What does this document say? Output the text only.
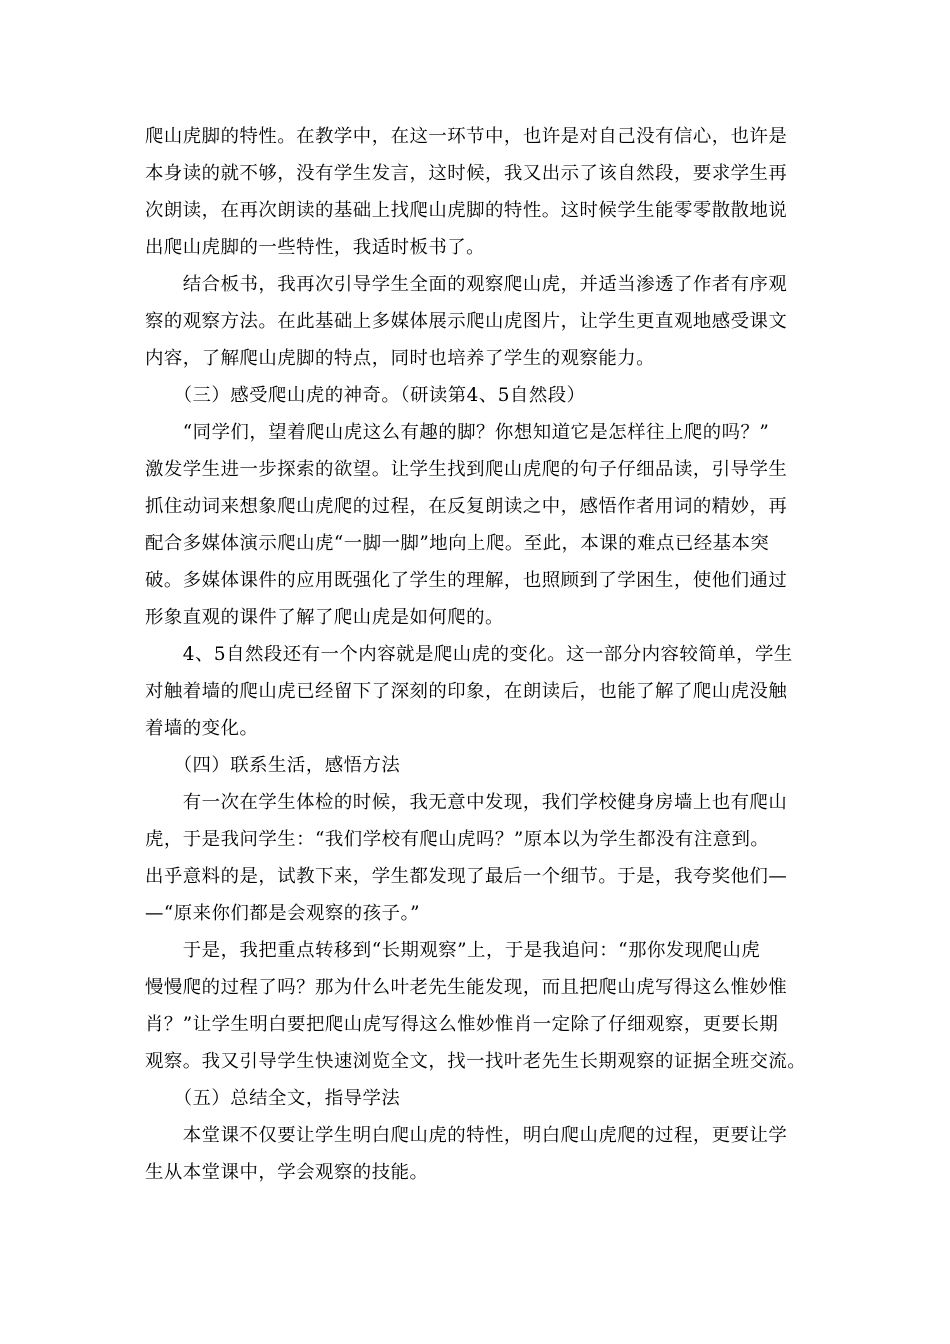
爬山虎脚的特性。在教学中，在这一环节中，也许是对自己没有信心，也许是
本身读的就不够，没有学生发言，这时候，我又出示了该自然段，要求学生再
次朗读，在再次朗读的基础上找爬山虎脚的特性。这时候学生能零零散散地说
出爬山虎脚的一些特性，我适时板书了。
　　结合板书，我再次引导学生全面的观察爬山虎，并适当渗透了作者有序观
察的观察方法。在此基础上多媒体展示爬山虎图片，让学生更直观地感受课文
内容，了解爬山虎脚的特点，同时也培养了学生的观察能力。
　　（三）感受爬山虎的神奇。（研读第4、5自然段）
　　“同学们，望着爬山虎这么有趣的脚？你想知道它是怎样往上爬的吗？”
激发学生进一步探索的欲望。让学生找到爬山虎爬的句子仔细品读，引导学生
抓住动词来想象爬山虎爬的过程，在反复朗读之中，感悟作者用词的精妙，再
配合多媒体演示爬山虎“一脚一脚”地向上爬。至此，本课的难点已经基本突
破。多媒体课件的应用既强化了学生的理解，也照顾到了学困生，使他们通过
形象直观的课件了解了爬山虎是如何爬的。
　　4、5自然段还有一个内容就是爬山虎的变化。这一部分内容较简单，学生
对触着墙的爬山虎已经留下了深刻的印象，在朗读后，也能了解了爬山虎没触
着墙的变化。
　　（四）联系生活，感悟方法
　　有一次在学生体检的时候，我无意中发现，我们学校健身房墙上也有爬山
虎，于是我问学生：“我们学校有爬山虎吗？”原本以为学生都没有注意到。
出乎意料的是，试教下来，学生都发现了最后一个细节。于是，我夸奖他们—
—“原来你们都是会观察的孩子。”
　　于是，我把重点转移到“长期观察”上，于是我追问：“那你发现爬山虎
慢慢爬的过程了吗？那为什么叶老先生能发现，而且把爬山虎写得这么惟妙惟
肖？”让学生明白要把爬山虎写得这么惟妙惟肖一定除了仔细观察，更要长期
观察。我又引导学生快速浏览全文，找一找叶老先生长期观察的证据全班交流。
　　（五）总结全文，指导学法
　　本堂课不仅要让学生明白爬山虎的特性，明白爬山虎爬的过程，更要让学
生从本堂课中，学会观察的技能。
